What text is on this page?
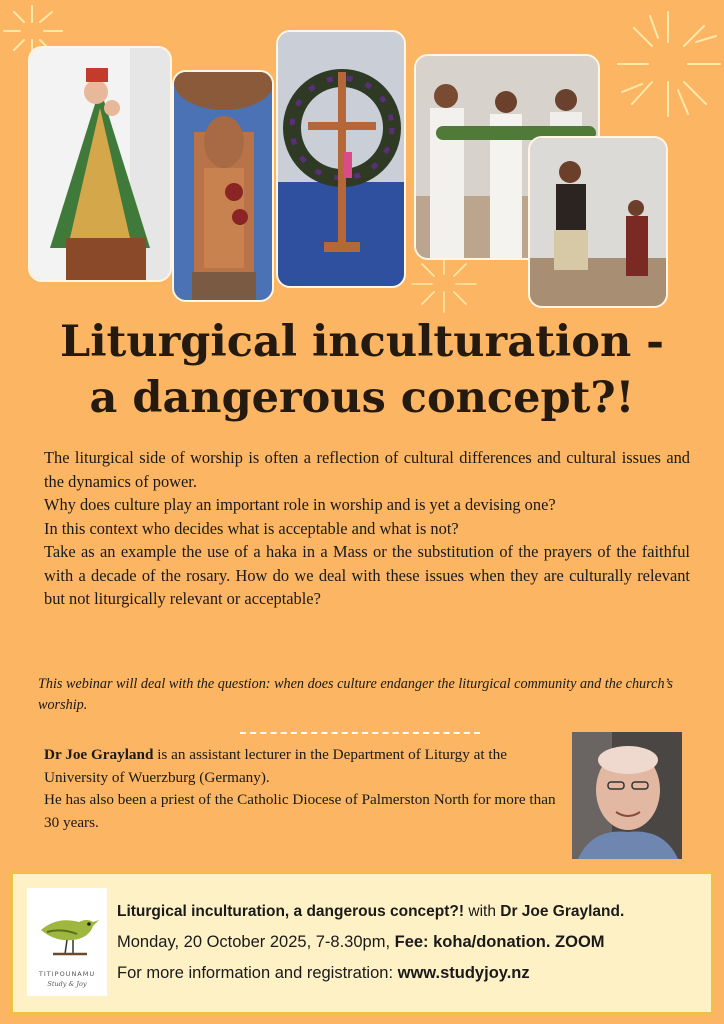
Liturgical inculturation -
a dangerous concept?!

The liturgical side of worship is often a reflection of cultural differences and cultural issues and the dynamics of power.

Why does culture play an important role in worship and is yet a devising one?

In this context who decides what is acceptable and what is not?

Take as an example the use of a haka in a Mass or the substitution of the prayers of the faithful with a decade of the rosary. How do we deal with these issues when they are culturally relevant but not liturgically relevant or acceptable?

This webinar will deal with the question: when does culture endanger the liturgical community and the church’s worship.

Dr Joe Grayland is an assistant lecturer in the Department of Liturgy at the University of Wuerzburg (Germany).

He has also been a priest of the Catholic Diocese of Palmerston North for more than 30 years.

TITIPOUNAMU
Study & Joy
Liturgical inculturation, a dangerous concept?! with Dr Joe Grayland.
Monday, 20 October 2025, 7-8.30pm, Fee: koha/donation. ZOOM
For more information and registration: www.studyjoy.nz
